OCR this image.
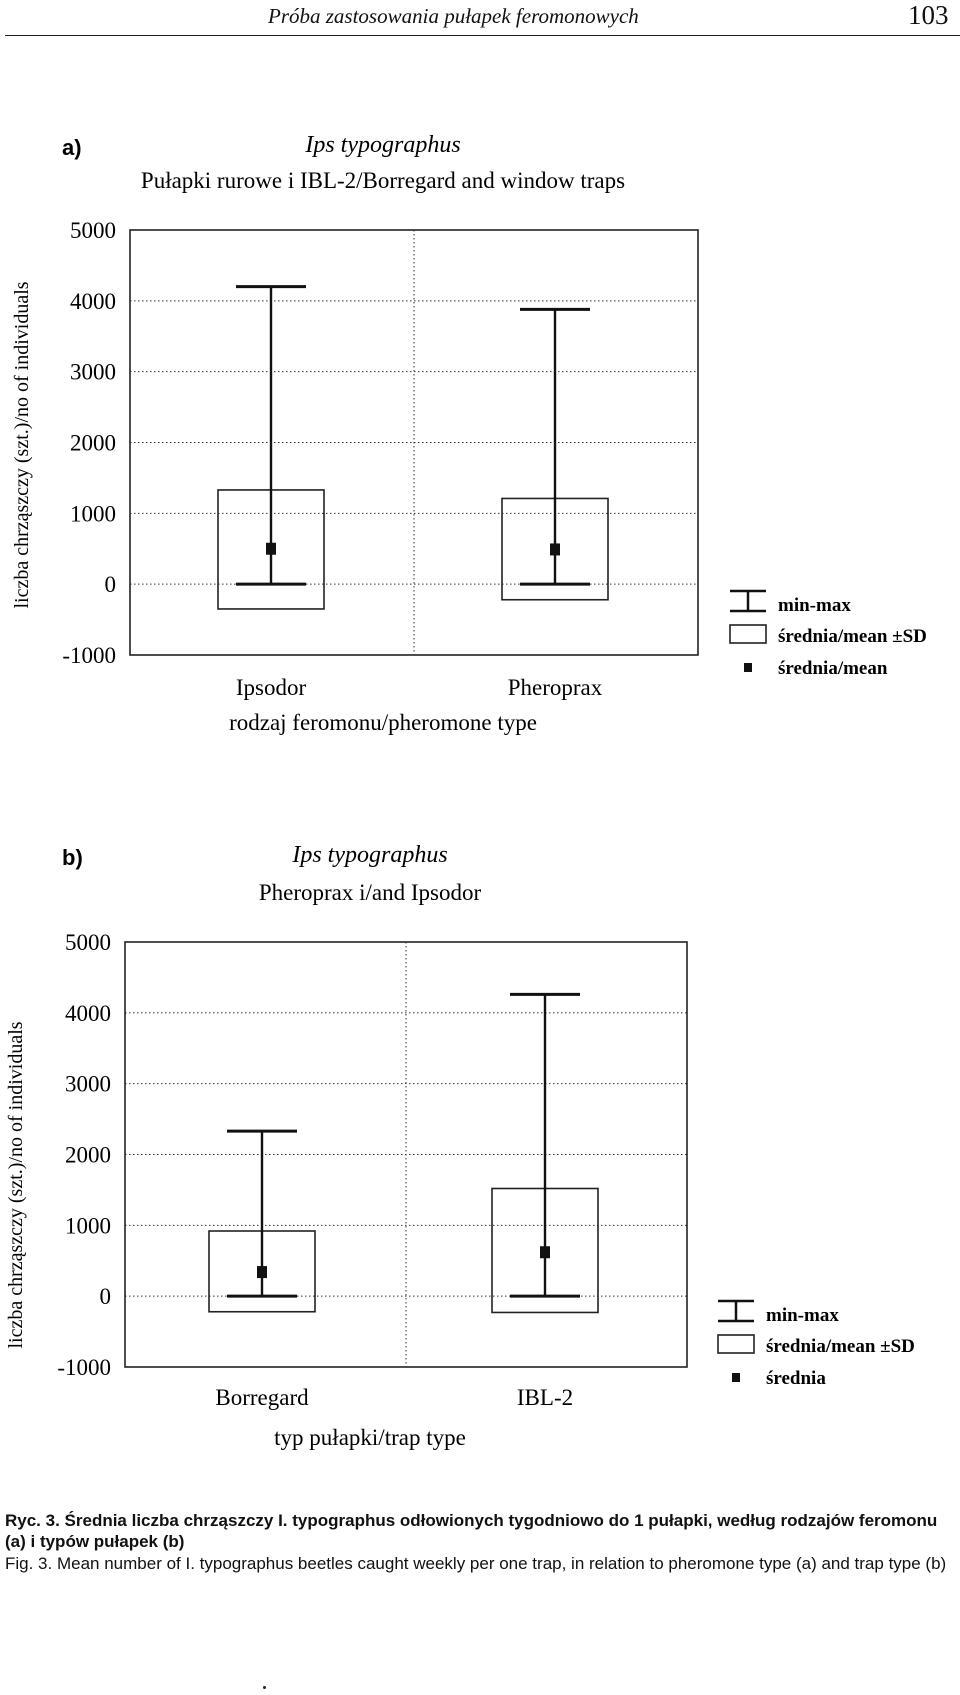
Próba zastosowania pułapek feromonowych	103
a)	Ips typographus
Pułapki rurowe i IBL-2/Borregard and window traps
liczba chrząszczy (szt.)/no of individuals
rodzaj feromonu/pheromone type
-1000
0
1000
2000
3000
4000
5000
Ipsodor	Pheroprax
min-max
średnia/mean ±SD
średnia/mean
b)	Ips typographus
Pheroprax i/and Ipsodor
liczba chrząszczy (szt.)/no of individuals
typ pułapki/trap type
-1000
0
1000
2000
3000
4000
5000
Borregard	IBL-2
min-max
średnia/mean ±SD
średnia
Ryc. 3. Średnia liczba chrząszczy I. typographus odłowionych tygodniowo do 1 pułapki, według rodzajów feromonu (a) i typów pułapek (b)
Fig. 3. Mean number of I. typographus beetles caught weekly per one trap, in relation to pheromone type (a) and trap type (b)
